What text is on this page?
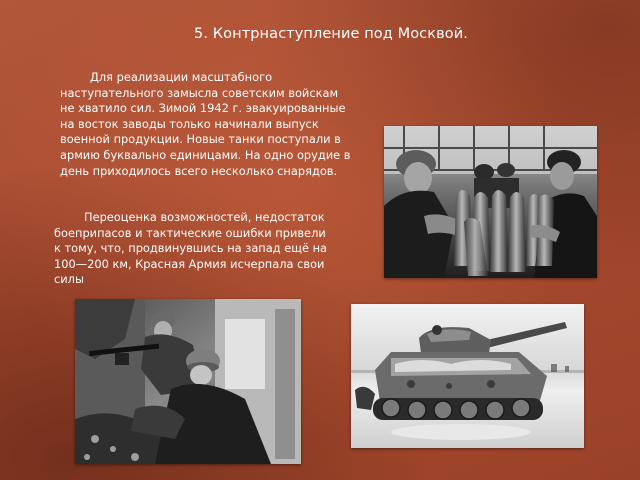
5. Контрнаступление под Москвой.
Для реализации масштабного
наступательного замысла советским войскам
не хватило сил. Зимой 1942 г. эвакуированные
на восток заводы только начинали выпуск
военной продукции. Новые танки поступали в
армию буквально единицами. На одно орудие в
день приходилось всего несколько снарядов.
Переоценка возможностей, недостаток
боеприпасов и тактические ошибки привели
к тому, что, продвинувшись на запад ещё на
100—200 км, Красная Армия исчерпала свои
силы
